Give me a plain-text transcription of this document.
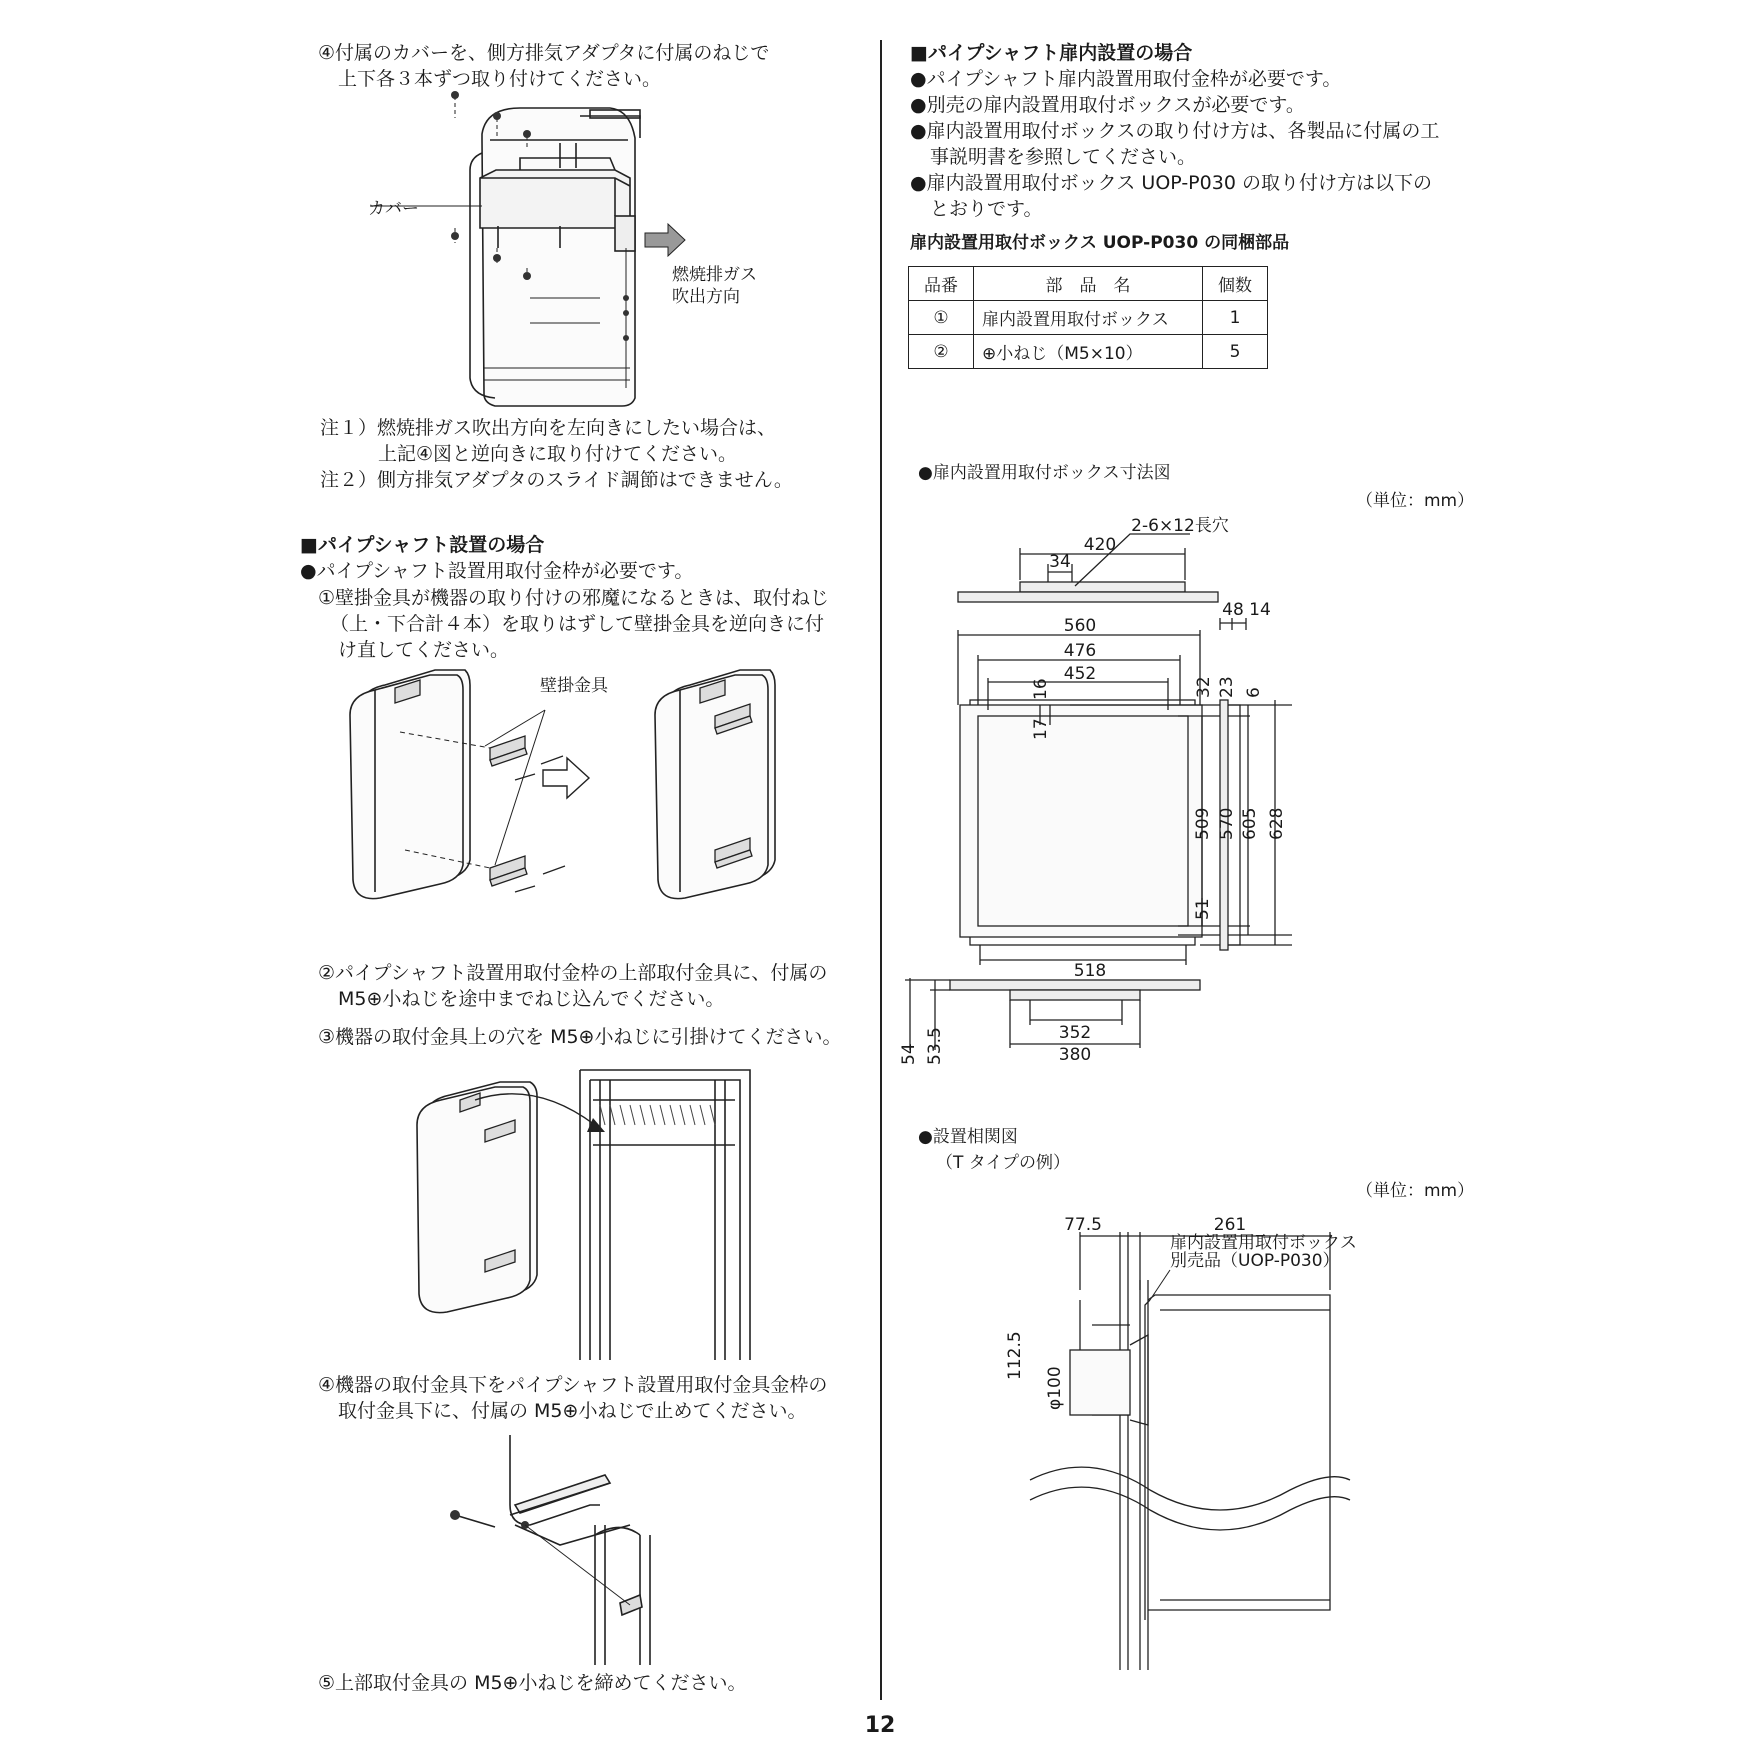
④付属のカバーを、側方排気アダプタに付属のねじで
上下各３本ずつ取り付けてください。
カバー
燃焼排ガス
吹出方向
注１）燃焼排ガス吹出方向を左向きにしたい場合は、
上記④図と逆向きに取り付けてください。
注２）側方排気アダプタのスライド調節はできません。
■パイプシャフト設置の場合
●パイプシャフト設置用取付金枠が必要です。
①壁掛金具が機器の取り付けの邪魔になるときは、取付ねじ
（上・下合計４本）を取りはずして壁掛金具を逆向きに付
け直してください。
壁掛金具
②パイプシャフト設置用取付金枠の上部取付金具に、付属の
M5⊕小ねじを途中までねじ込んでください。
③機器の取付金具上の穴を M5⊕小ねじに引掛けてください。
④機器の取付金具下をパイプシャフト設置用取付金具金枠の
取付金具下に、付属の M5⊕小ねじで止めてください。
⑤上部取付金具の M5⊕小ねじを締めてください。
■パイプシャフト扉内設置の場合
●パイプシャフト扉内設置用取付金枠が必要です。
●別売の扉内設置用取付ボックスが必要です。
●扉内設置用取付ボックスの取り付け方は、各製品に付属の工
事説明書を参照してください。
●扉内設置用取付ボックス UOP-P030 の取り付け方は以下の
とおりです。
扉内設置用取付ボックス UOP-P030 の同梱部品
品番	部　品　名	個数
①	扉内設置用取付ボックス	1
②	⊕小ねじ（M5×10）	5
●扉内設置用取付ボックス寸法図
（単位：mm）
420
34
2-6×12長穴
560
476
452
518
352
380
48 14
32 23 6
16
17
509 570 605 628
51
54 53.5
●設置相関図
（T タイプの例）
（単位：mm）
77.5	261
112.5
φ100
扉内設置用取付ボックス
別売品（UOP-P030）
12
